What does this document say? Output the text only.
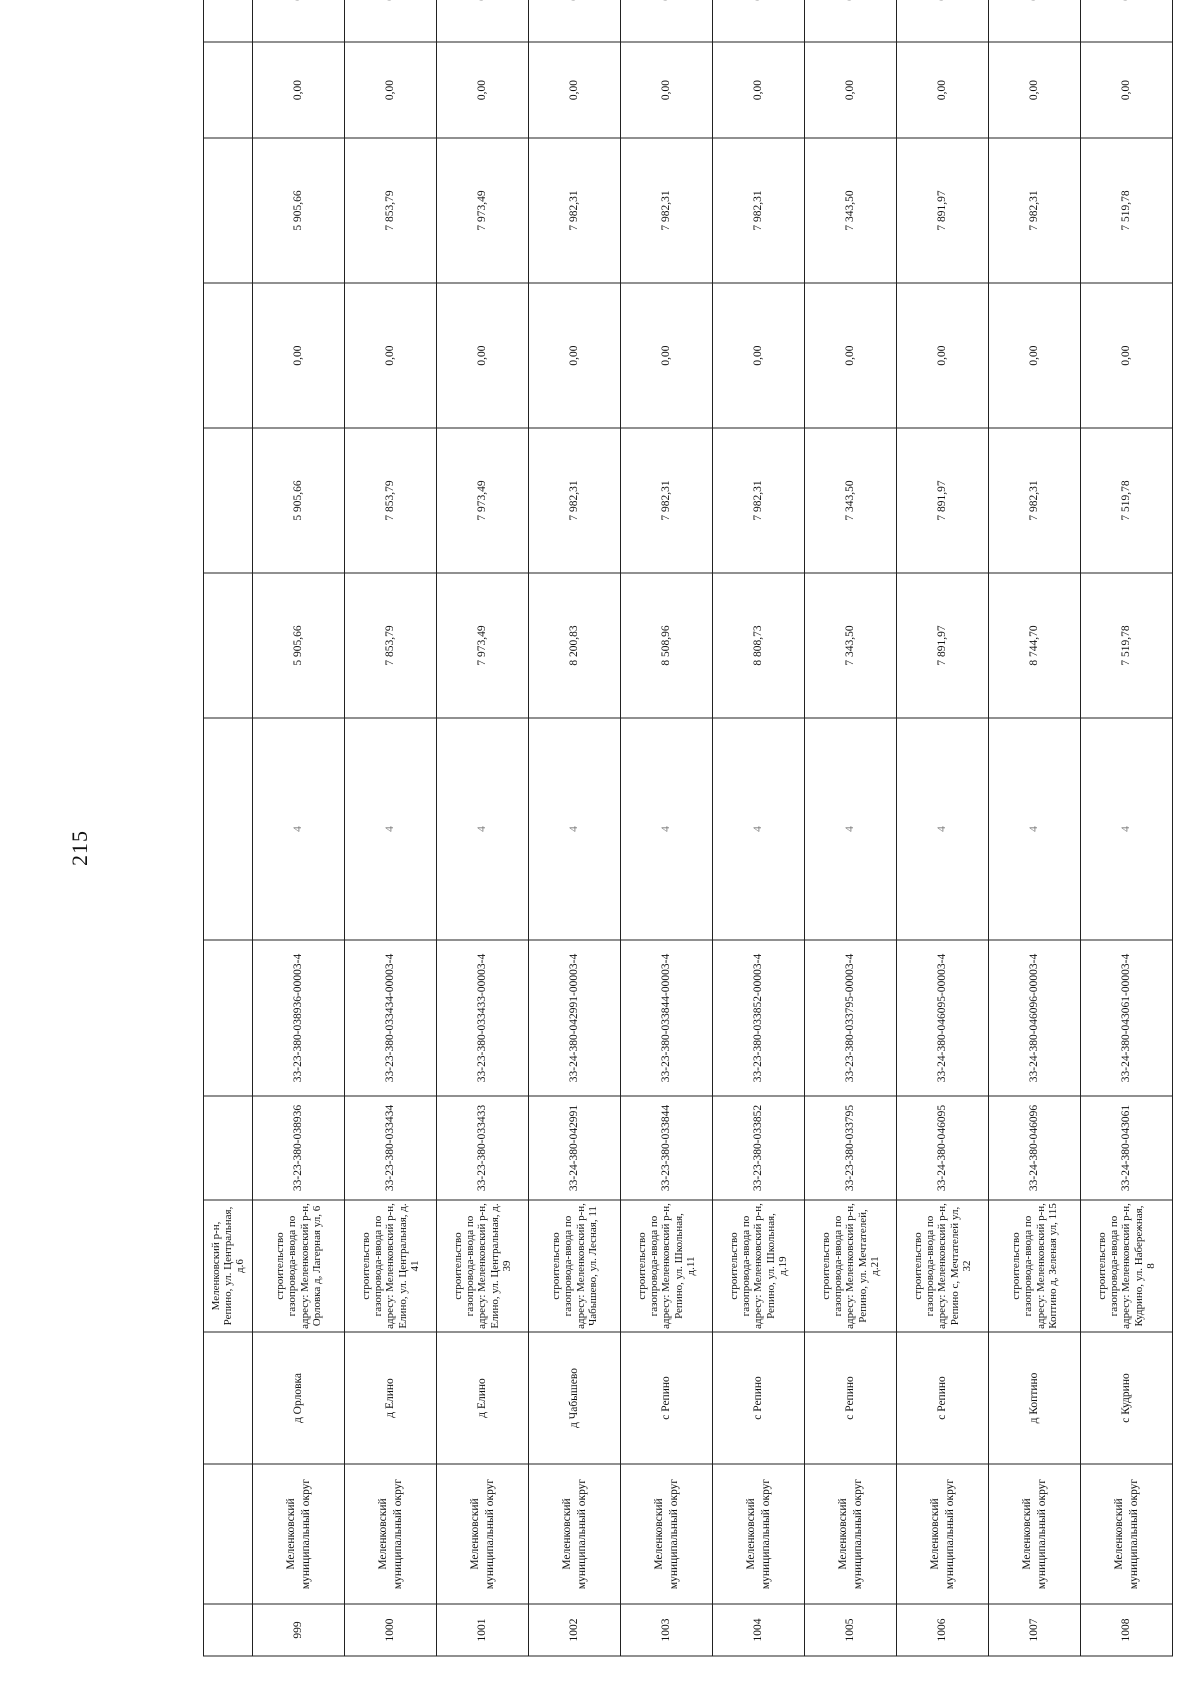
215
			Меленковский р-н, Репино, ул. Центральная, д.6									
999	Меленковский муниципальный округ	д Орловка	строительство газопровода-ввода по адресу: Меленковский р-н, Орловка д, Лагерная ул, 6	33-23-380-038936	33-23-380-038936-00003-4	4	5 905,66	5 905,66	0,00	5 905,66	0,00	
1000	Меленковский муниципальный округ	д Елино	строительство газопровода-ввода по адресу: Меленковский р-н, Елино, ул. Центральная, д. 41	33-23-380-033434	33-23-380-033434-00003-4	4	7 853,79	7 853,79	0,00	7 853,79	0,00	
1001	Меленковский муниципальный округ	д Елино	строительство газопровода-ввода по адресу: Меленковский р-н, Елино, ул. Центральная, д. 39	33-23-380-033433	33-23-380-033433-00003-4	4	7 973,49	7 973,49	0,00	7 973,49	0,00	
1002	Меленковский муниципальный округ	д Чабышево	строительство газопровода-ввода по адресу: Меленковский р-н, Чабышево, ул. Лесная, 11	33-24-380-042991	33-24-380-042991-00003-4	4	8 200,83	7 982,31	0,00	7 982,31	0,00	
1003	Меленковский муниципальный округ	с Репино	строительство газопровода-ввода по адресу: Меленковский р-н, Репино, ул. Школьная, д.11	33-23-380-033844	33-23-380-033844-00003-4	4	8 508,96	7 982,31	0,00	7 982,31	0,00	
1004	Меленковский муниципальный округ	с Репино	строительство газопровода-ввода по адресу: Меленковский р-н, Репино, ул. Школьная, д.19	33-23-380-033852	33-23-380-033852-00003-4	4	8 808,73	7 982,31	0,00	7 982,31	0,00	
1005	Меленковский муниципальный округ	с Репино	строительство газопровода-ввода по адресу: Меленковский р-н, Репино, ул. Мечтателей, д.21	33-23-380-033795	33-23-380-033795-00003-4	4	7 343,50	7 343,50	0,00	7 343,50	0,00	
1006	Меленковский муниципальный округ	с Репино	строительство газопровода-ввода по адресу: Меленковский р-н, Репино с, Мечтателей ул, 32	33-24-380-046095	33-24-380-046095-00003-4	4	7 891,97	7 891,97	0,00	7 891,97	0,00	
1007	Меленковский муниципальный округ	д Коптино	строительство газопровода-ввода по адресу: Меленковский р-н, Коптино д, Зеленая ул, 115	33-24-380-046096	33-24-380-046096-00003-4	4	8 744,70	7 982,31	0,00	7 982,31	0,00	
1008	Меленковский муниципальный округ	с Кудрино	строительство газопровода-ввода по адресу: Меленковский р-н, Кудрино, ул. Набережная, 8	33-24-380-043061	33-24-380-043061-00003-4	4	7 519,78	7 519,78	0,00	7 519,78	0,00	
